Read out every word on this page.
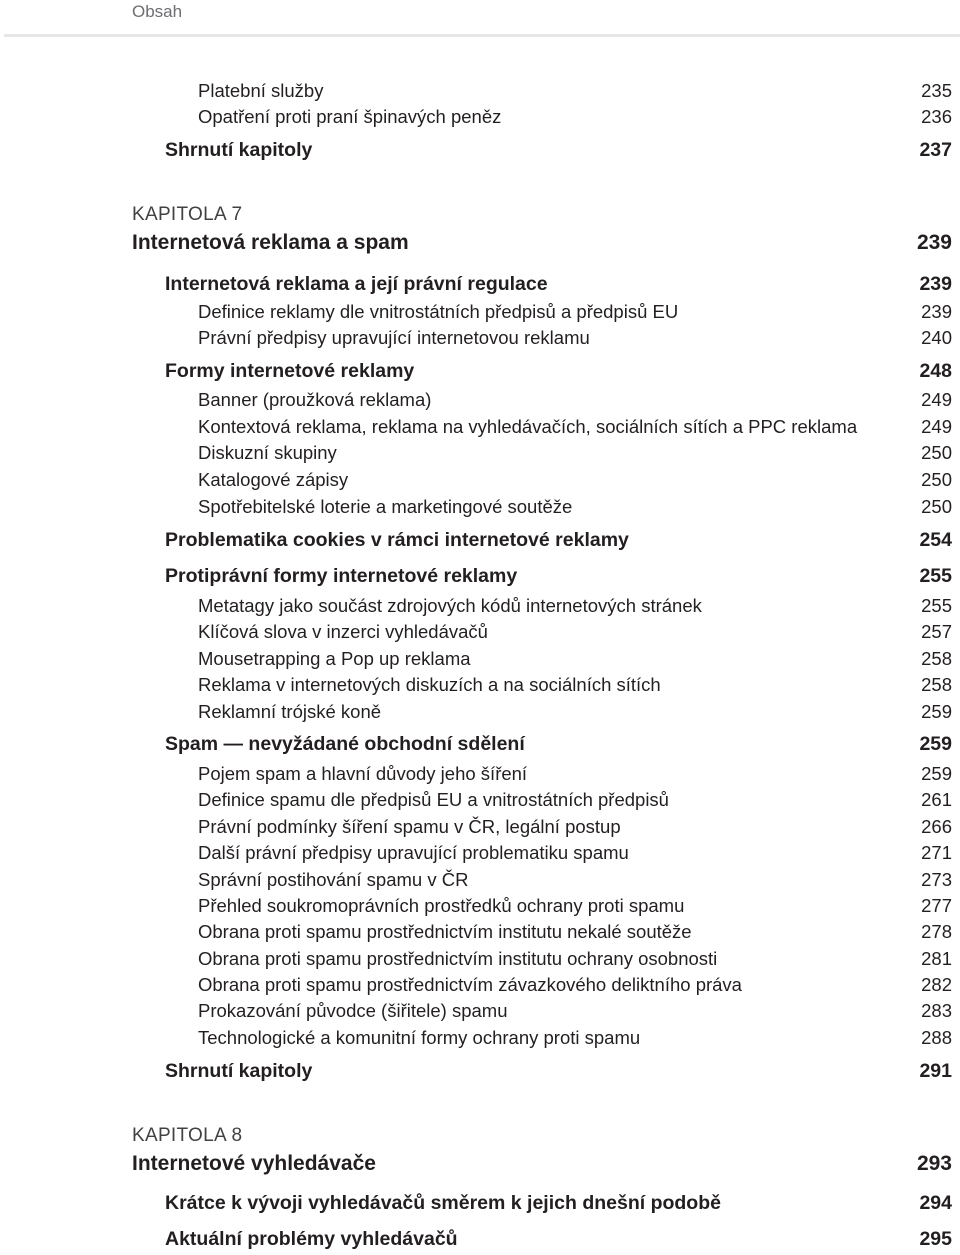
Obsah
Platební služby	235
Opatření proti praní špinavých peněz	236
Shrnutí kapitoly	237
KAPITOLA 7
Internetová reklama a spam	239
Internetová reklama a její právní regulace	239
Definice reklamy dle vnitrostátních předpisů a předpisů EU	239
Právní předpisy upravující internetovou reklamu	240
Formy internetové reklamy	248
Banner (proužková reklama)	249
Kontextová reklama, reklama na vyhledávačích, sociálních sítích a PPC reklama	249
Diskuzní skupiny	250
Katalogové zápisy	250
Spotřebitelské loterie a marketingové soutěže	250
Problematika cookies v rámci internetové reklamy	254
Protiprávní formy internetové reklamy	255
Metatagy jako součást zdrojových kódů internetových stránek	255
Klíčová slova v inzerci vyhledávačů	257
Mousetrapping a Pop up reklama	258
Reklama v internetových diskuzích a na sociálních sítích	258
Reklamní trójské koně	259
Spam — nevyžádané obchodní sdělení	259
Pojem spam a hlavní důvody jeho šíření	259
Definice spamu dle předpisů EU a vnitrostátních předpisů	261
Právní podmínky šíření spamu v ČR, legální postup	266
Další právní předpisy upravující problematiku spamu	271
Správní postihování spamu v ČR	273
Přehled soukromoprávních prostředků ochrany proti spamu	277
Obrana proti spamu prostřednictvím institutu nekalé soutěže	278
Obrana proti spamu prostřednictvím institutu ochrany osobnosti	281
Obrana proti spamu prostřednictvím závazkového deliktního práva	282
Prokazování původce (šiřitele) spamu	283
Technologické a komunitní formy ochrany proti spamu	288
Shrnutí kapitoly	291
KAPITOLA 8
Internetové vyhledávače	293
Krátce k vývoji vyhledávačů směrem k jejich dnešní podobě	294
Aktuální problémy vyhledávačů	295
